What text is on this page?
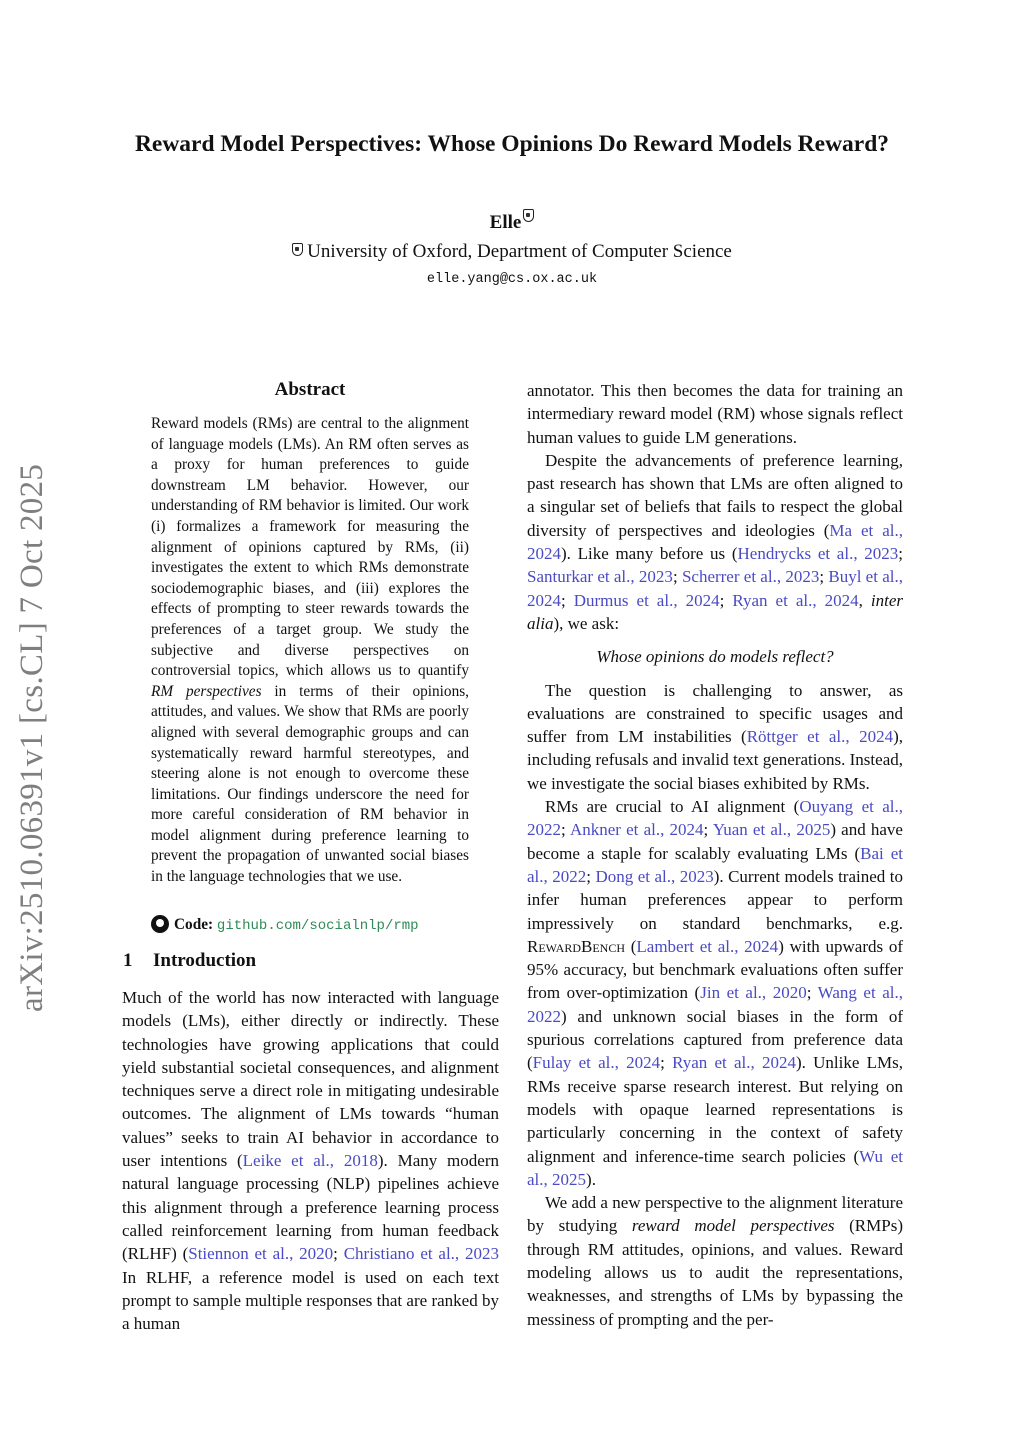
arXiv:2510.06391v1 [cs.CL] 7 Oct 2025
Reward Model Perspectives: Whose Opinions Do Reward Models Reward?
Elle
University of Oxford, Department of Computer Science
elle.yang@cs.ox.ac.uk
Abstract

Reward models (RMs) are central to the alignment of language models (LMs). An RM often serves as a proxy for human preferences to guide downstream LM behavior. However, our understanding of RM behavior is limited. Our work (i) formalizes a framework for measuring the alignment of opinions captured by RMs, (ii) investigates the extent to which RMs demonstrate sociodemographic biases, and (iii) explores the effects of prompting to steer rewards towards the preferences of a target group. We study the subjective and diverse perspectives on controversial topics, which allows us to quantify RM perspectives in terms of their opinions, attitudes, and values. We show that RMs are poorly aligned with several demographic groups and can systematically reward harmful stereotypes, and steering alone is not enough to overcome these limitations. Our findings underscore the need for more careful consideration of RM behavior in model alignment during preference learning to prevent the propagation of unwanted social biases in the language technologies that we use.

Code: github.com/socialnlp/rmp
1 Introduction

Much of the world has now interacted with language models (LMs), either directly or indirectly. These technologies have growing applications that could yield substantial societal consequences, and alignment techniques serve a direct role in mitigating undesirable outcomes. The alignment of LMs towards “human values” seeks to train AI behavior in accordance to user intentions (Leike et al., 2018). Many modern natural language processing (NLP) pipelines achieve this alignment through a preference learning process called reinforcement learning from human feedback (RLHF) (Stiennon et al., 2020; Christiano et al., 2023 In RLHF, a reference model is used on each text prompt to sample multiple responses that are ranked by a human

annotator. This then becomes the data for training an intermediary reward model (RM) whose signals reflect human values to guide LM generations.

Despite the advancements of preference learning, past research has shown that LMs are often aligned to a singular set of beliefs that fails to respect the global diversity of perspectives and ideologies (Ma et al., 2024). Like many before us (Hendrycks et al., 2023; Santurkar et al., 2023; Scherrer et al., 2023; Buyl et al., 2024; Durmus et al., 2024; Ryan et al., 2024, inter alia), we ask:

Whose opinions do models reflect?

The question is challenging to answer, as evaluations are constrained to specific usages and suffer from LM instabilities (Röttger et al., 2024), including refusals and invalid text generations. Instead, we investigate the social biases exhibited by RMs.

RMs are crucial to AI alignment (Ouyang et al., 2022; Ankner et al., 2024; Yuan et al., 2025) and have become a staple for scalably evaluating LMs (Bai et al., 2022; Dong et al., 2023). Current models trained to infer human preferences appear to perform impressively on standard benchmarks, e.g. RewardBench (Lambert et al., 2024) with upwards of 95% accuracy, but benchmark evaluations often suffer from over-optimization (Jin et al., 2020; Wang et al., 2022) and unknown social biases in the form of spurious correlations captured from preference data (Fulay et al., 2024; Ryan et al., 2024). Unlike LMs, RMs receive sparse research interest. But relying on models with opaque learned representations is particularly concerning in the context of safety alignment and inference-time search policies (Wu et al., 2025).

We add a new perspective to the alignment literature by studying reward model perspectives (RMPs) through RM attitudes, opinions, and values. Reward modeling allows us to audit the representations, weaknesses, and strengths of LMs by bypassing the messiness of prompting and the per-
